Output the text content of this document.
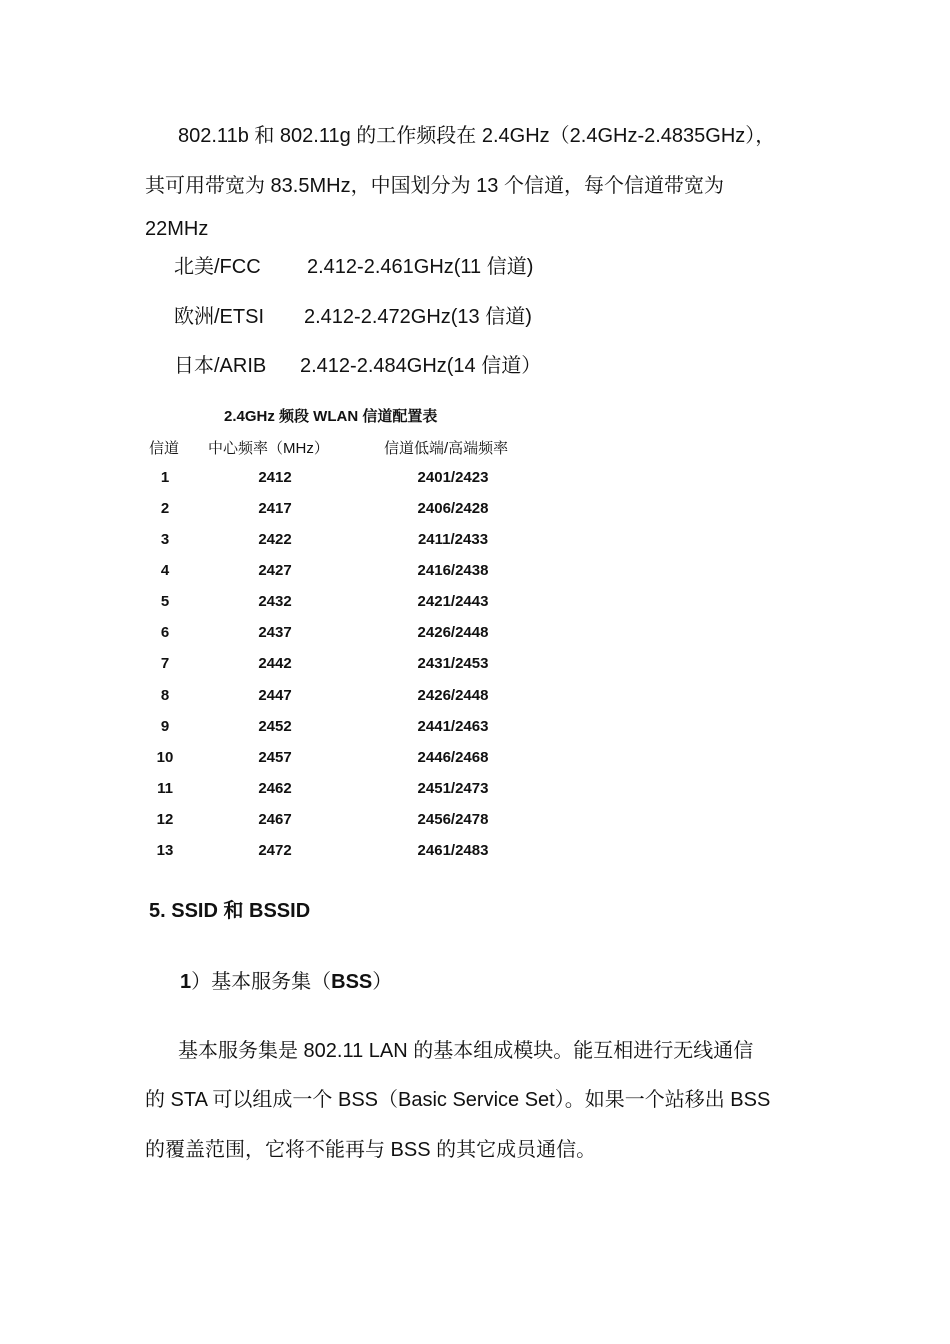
802.11b 和 802.11g 的工作频段在 2.4GHz（2.4GHz-2.4835GHz），
其可用带宽为 83.5MHz，中国划分为 13 个信道，每个信道带宽为
22MHz
北美/FCC 2.412-2.461GHz(11 信道)
欧洲/ETSI 2.412-2.472GHz(13 信道)
日本/ARIB 2.412-2.484GHz(14 信道）
2.4GHz 频段 WLAN 信道配置表
信道 中心频率（MHz）	信道低端/高端频率
1	2412	2401/2423
2	2417	2406/2428
3	2422	2411/2433
4	2427	2416/2438
5	2432	2421/2443
6	2437	2426/2448
7	2442	2431/2453
8	2447	2426/2448
9	2452	2441/2463
10	2457	2446/2468
11	2462	2451/2473
12	2467	2456/2478
13	2472	2461/2483
5. SSID 和 BSSID
1）基本服务集（BSS）
基本服务集是 802.11 LAN 的基本组成模块。能互相进行无线通信
的 STA 可以组成一个 BSS（Basic Service Set）。如果一个站移出 BSS
的覆盖范围，它将不能再与 BSS 的其它成员通信。
